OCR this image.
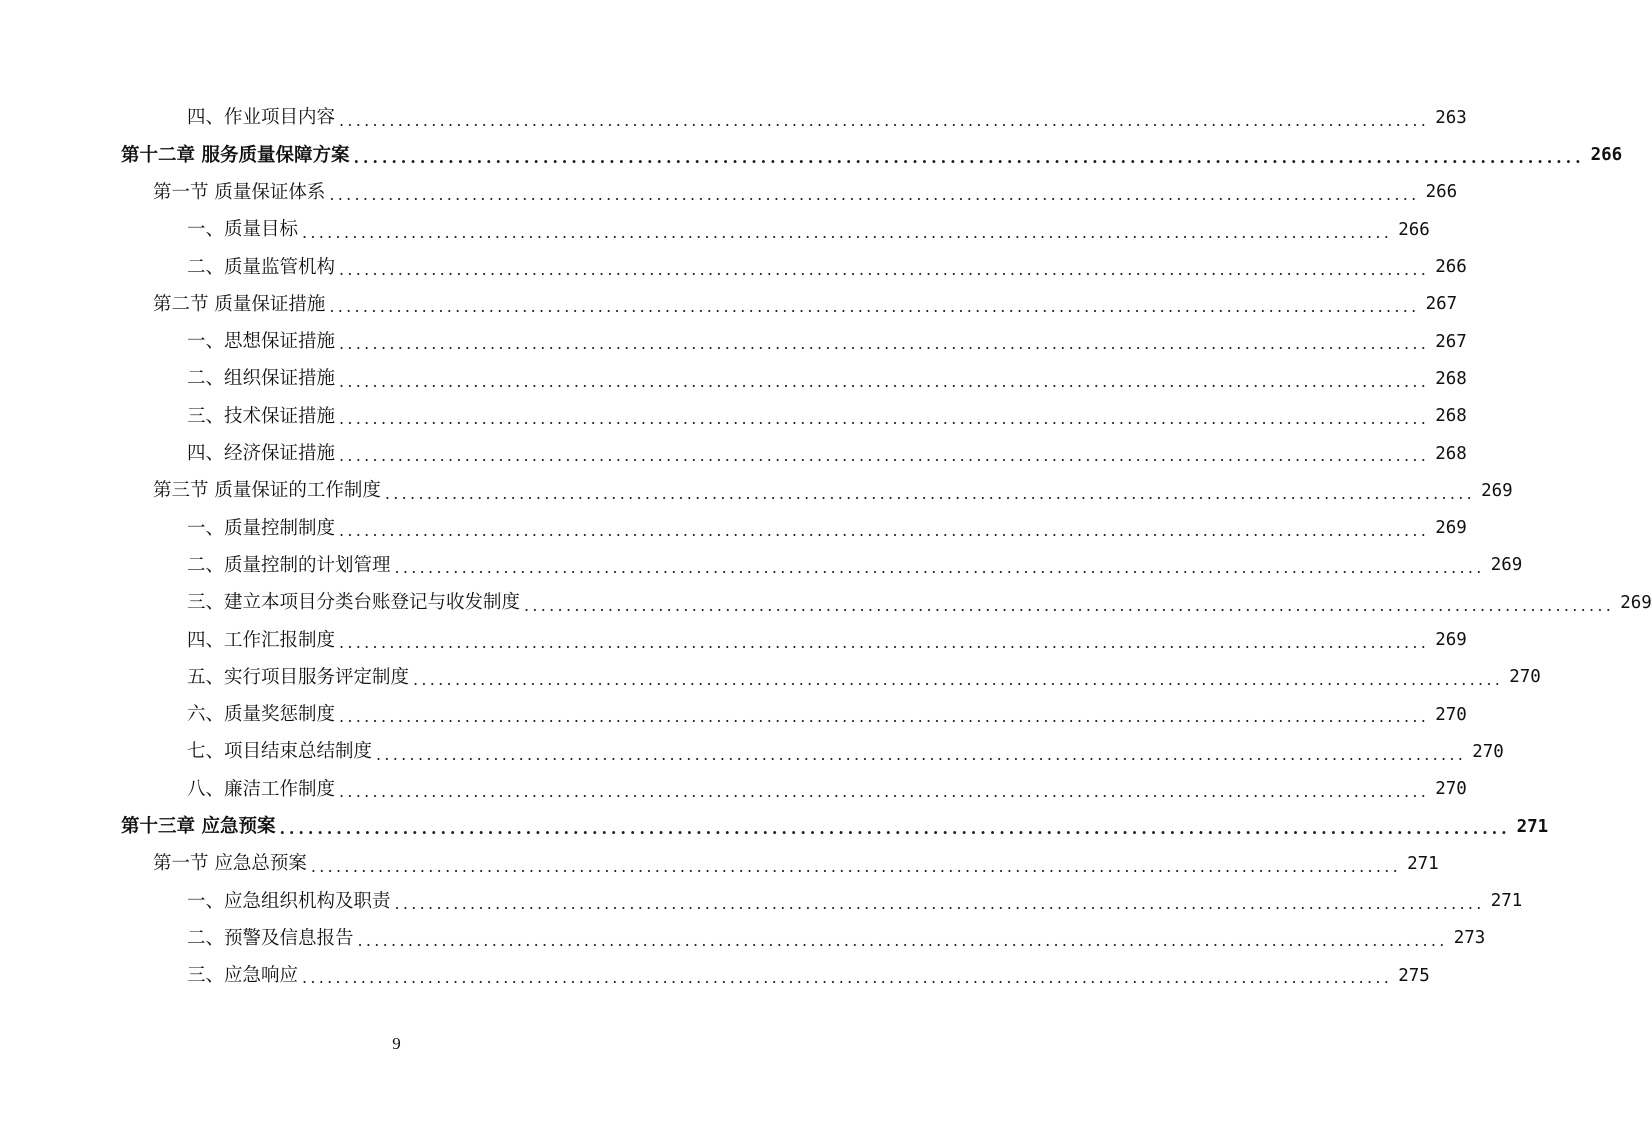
四、作业项目内容 .................................................................................................................................. 263
第十二章 服务质量保障方案 .................................................................................................................................. 266
第一节 质量保证体系 .................................................................................................................................. 266
一、质量目标 .................................................................................................................................. 266
二、质量监管机构 .................................................................................................................................. 266
第二节 质量保证措施 .................................................................................................................................. 267
一、思想保证措施 .................................................................................................................................. 267
二、组织保证措施 .................................................................................................................................. 268
三、技术保证措施 .................................................................................................................................. 268
四、经济保证措施 .................................................................................................................................. 268
第三节 质量保证的工作制度 .................................................................................................................................. 269
一、质量控制制度 .................................................................................................................................. 269
二、质量控制的计划管理 .................................................................................................................................. 269
三、建立本项目分类台账登记与收发制度 .................................................................................................................................. 269
四、工作汇报制度 .................................................................................................................................. 269
五、实行项目服务评定制度 .................................................................................................................................. 270
六、质量奖惩制度 .................................................................................................................................. 270
七、项目结束总结制度 .................................................................................................................................. 270
八、廉洁工作制度 .................................................................................................................................. 270
第十三章 应急预案 .................................................................................................................................. 271
第一节 应急总预案 .................................................................................................................................. 271
一、应急组织机构及职责 .................................................................................................................................. 271
二、预警及信息报告 .................................................................................................................................. 273
三、应急响应 .................................................................................................................................. 275
9
